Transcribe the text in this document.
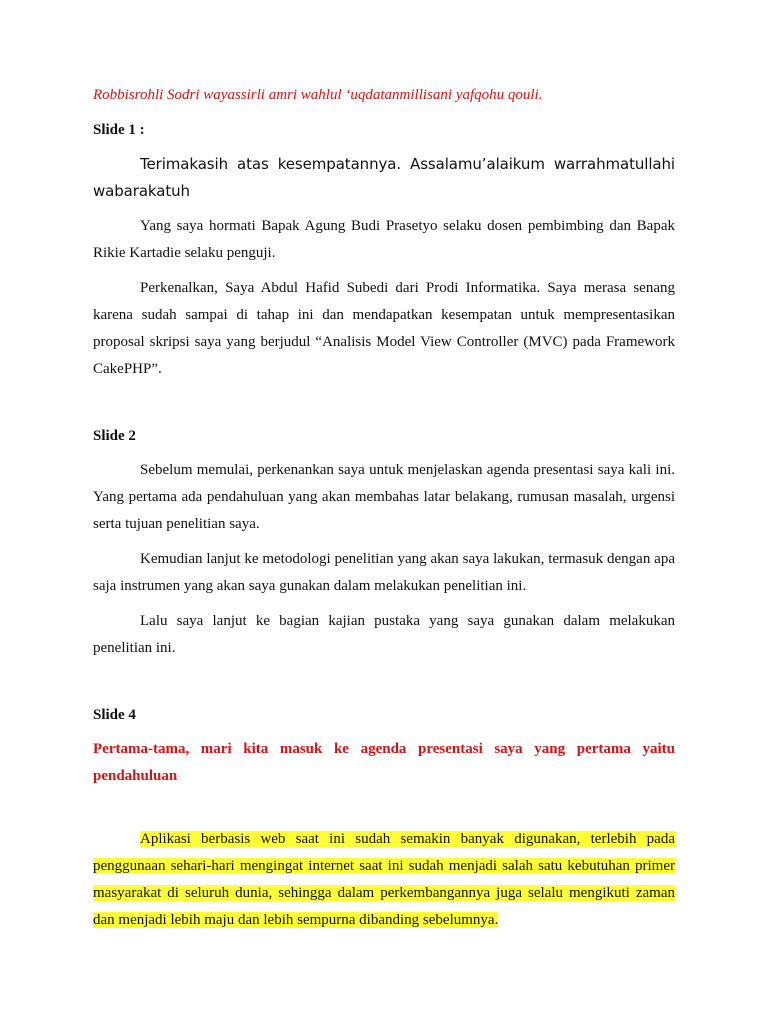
Robbisrohli Sodri wayassirli amri wahlul ‘uqdatanmillisani yafqohu qouli.
Slide 1 :

Terimakasih atas kesempatannya. Assalamu’alaikum warrahmatullahi wabarakatuh

Yang saya hormati Bapak Agung Budi Prasetyo selaku dosen pembimbing dan Bapak Rikie Kartadie selaku penguji.

Perkenalkan, Saya Abdul Hafid Subedi dari Prodi Informatika. Saya merasa senang karena sudah sampai di tahap ini dan mendapatkan kesempatan untuk mempresentasikan proposal skripsi saya yang berjudul “Analisis Model View Controller (MVC) pada Framework CakePHP”.

Slide 2

Sebelum memulai, perkenankan saya untuk menjelaskan agenda presentasi saya kali ini. Yang pertama ada pendahuluan yang akan membahas latar belakang, rumusan masalah, urgensi serta tujuan penelitian saya.

Kemudian lanjut ke metodologi penelitian yang akan saya lakukan, termasuk dengan apa saja instrumen yang akan saya gunakan dalam melakukan penelitian ini.

Lalu saya lanjut ke bagian kajian pustaka yang saya gunakan dalam melakukan penelitian ini.

Slide 4

Pertama-tama, mari kita masuk ke agenda presentasi saya yang pertama yaitu pendahuluan

Aplikasi berbasis web saat ini sudah semakin banyak digunakan, terlebih pada penggunaan sehari-hari mengingat internet saat ini sudah menjadi salah satu kebutuhan primer masyarakat di seluruh dunia, sehingga dalam perkembangannya juga selalu mengikuti zaman dan menjadi lebih maju dan lebih sempurna dibanding sebelumnya.
